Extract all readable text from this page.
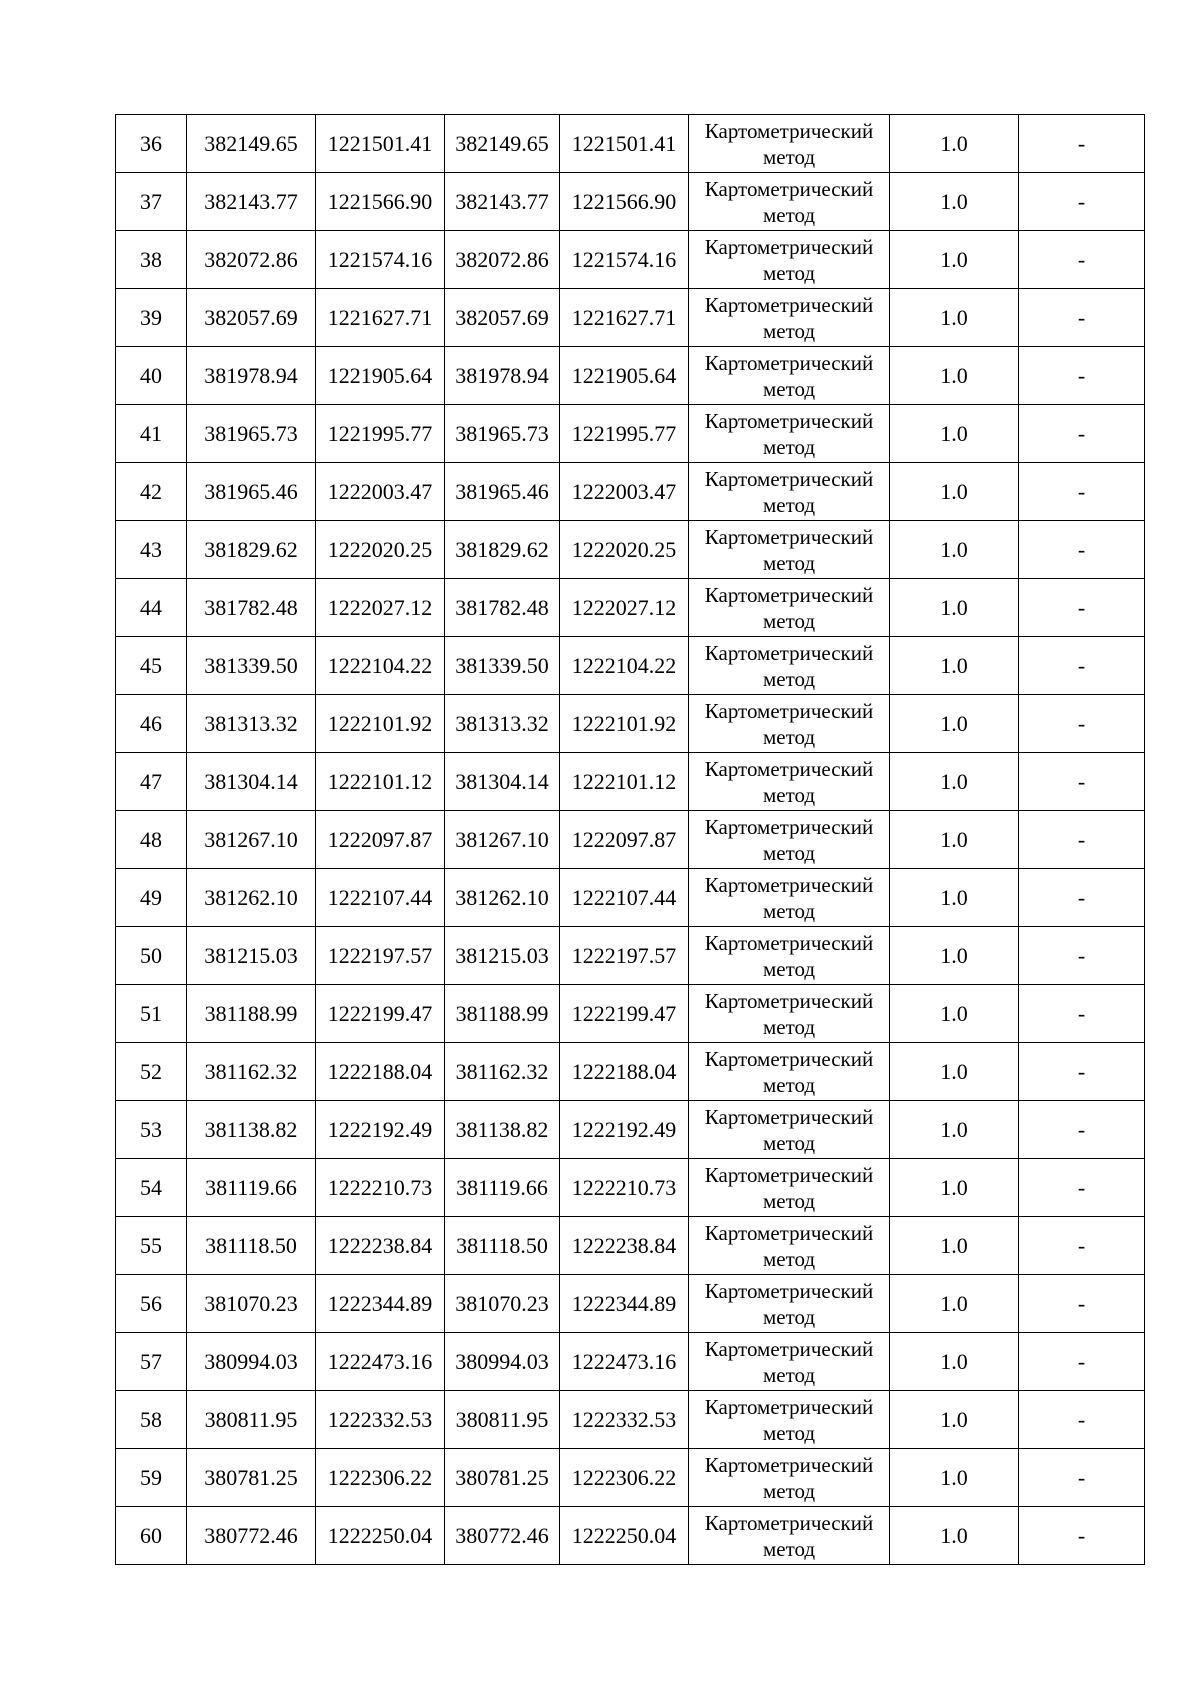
36	382149.65	1221501.41	382149.65	1221501.41	Картометрический
метод	1.0	-
37	382143.77	1221566.90	382143.77	1221566.90	Картометрический
метод	1.0	-
38	382072.86	1221574.16	382072.86	1221574.16	Картометрический
метод	1.0	-
39	382057.69	1221627.71	382057.69	1221627.71	Картометрический
метод	1.0	-
40	381978.94	1221905.64	381978.94	1221905.64	Картометрический
метод	1.0	-
41	381965.73	1221995.77	381965.73	1221995.77	Картометрический
метод	1.0	-
42	381965.46	1222003.47	381965.46	1222003.47	Картометрический
метод	1.0	-
43	381829.62	1222020.25	381829.62	1222020.25	Картометрический
метод	1.0	-
44	381782.48	1222027.12	381782.48	1222027.12	Картометрический
метод	1.0	-
45	381339.50	1222104.22	381339.50	1222104.22	Картометрический
метод	1.0	-
46	381313.32	1222101.92	381313.32	1222101.92	Картометрический
метод	1.0	-
47	381304.14	1222101.12	381304.14	1222101.12	Картометрический
метод	1.0	-
48	381267.10	1222097.87	381267.10	1222097.87	Картометрический
метод	1.0	-
49	381262.10	1222107.44	381262.10	1222107.44	Картометрический
метод	1.0	-
50	381215.03	1222197.57	381215.03	1222197.57	Картометрический
метод	1.0	-
51	381188.99	1222199.47	381188.99	1222199.47	Картометрический
метод	1.0	-
52	381162.32	1222188.04	381162.32	1222188.04	Картометрический
метод	1.0	-
53	381138.82	1222192.49	381138.82	1222192.49	Картометрический
метод	1.0	-
54	381119.66	1222210.73	381119.66	1222210.73	Картометрический
метод	1.0	-
55	381118.50	1222238.84	381118.50	1222238.84	Картометрический
метод	1.0	-
56	381070.23	1222344.89	381070.23	1222344.89	Картометрический
метод	1.0	-
57	380994.03	1222473.16	380994.03	1222473.16	Картометрический
метод	1.0	-
58	380811.95	1222332.53	380811.95	1222332.53	Картометрический
метод	1.0	-
59	380781.25	1222306.22	380781.25	1222306.22	Картометрический
метод	1.0	-
60	380772.46	1222250.04	380772.46	1222250.04	Картометрический
метод	1.0	-
